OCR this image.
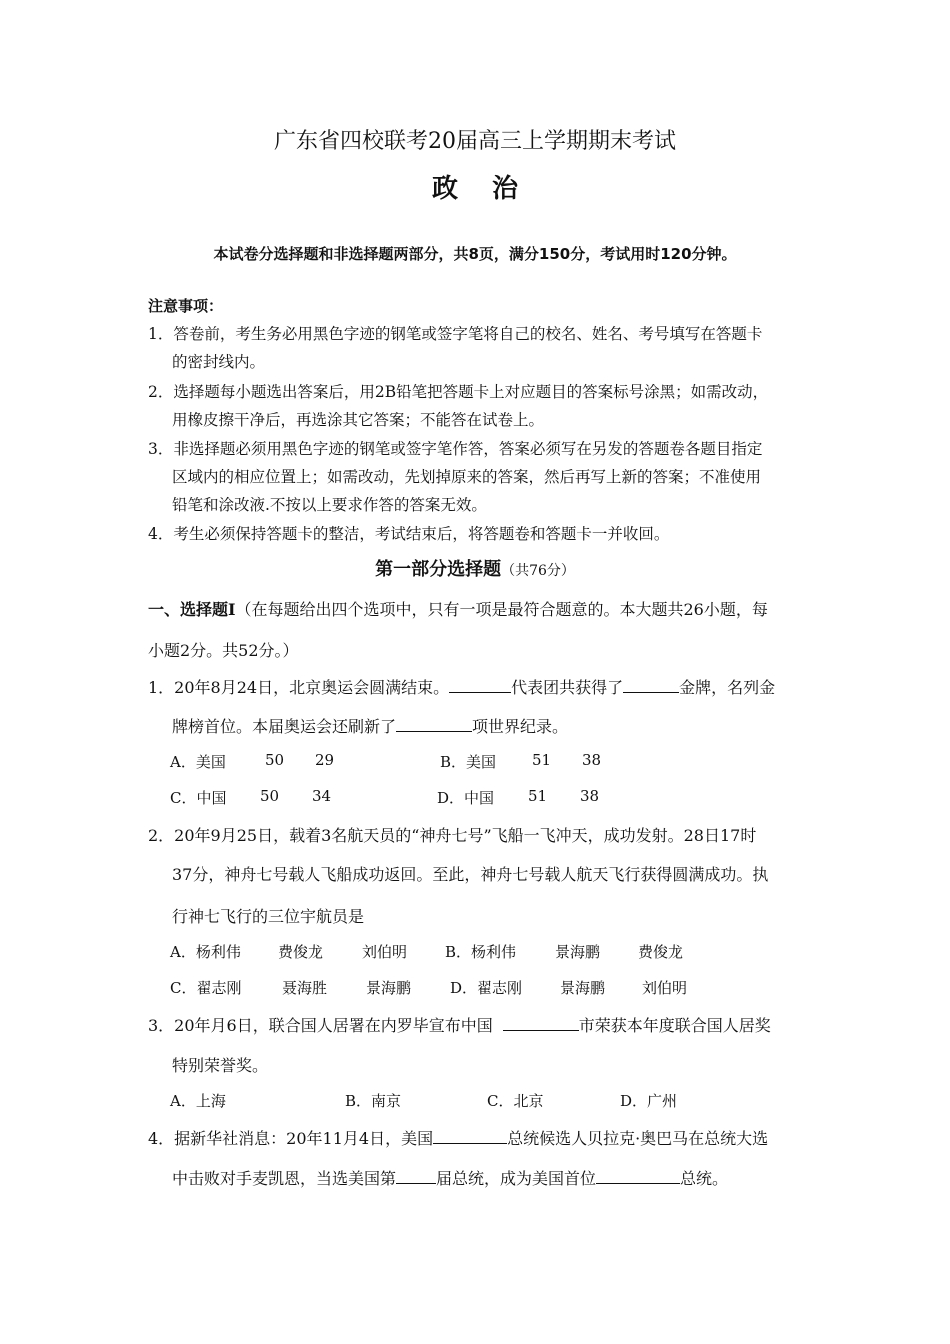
广东省四校联考20届高三上学期期末考试
政治
本试卷分选择题和非选择题两部分，共8页，满分150分，考试用时120分钟。
注意事项：
1．答卷前，考生务必用黑色字迹的钢笔或签字笔将自己的校名、姓名、考号填写在答题卡
的密封线内。
2．选择题每小题选出答案后，用2B铅笔把答题卡上对应题目的答案标号涂黑；如需改动，
用橡皮擦干净后，再选涂其它答案；不能答在试卷上。
3．非选择题必须用黑色字迹的钢笔或签字笔作答，答案必须写在另发的答题卷各题目指定
区域内的相应位置上；如需改动，先划掉原来的答案，然后再写上新的答案；不准使用
铅笔和涂改液.不按以上要求作答的答案无效。
4．考生必须保持答题卡的整洁，考试结束后，将答题卷和答题卡一并收回。
第一部分选择题（共76分）
一、选择题Ⅰ（在每题给出四个选项中，只有一项是最符合题意的。本大题共26小题，每
小题2分。共52分。）
1．20年8月24日，北京奥运会圆满结束。	代表团共获得了	金牌，名列金
牌榜首位。本届奥运会还刷新了	项世界纪录。
A．美国	50 29	B．美国 51 38
C．中国 50 34	D．中国 51 38
2．20年9月25日，载着3名航天员的“神舟七号”飞船一飞冲天，成功发射。28日17时
37分，神舟七号载人飞船成功返回。至此，神舟七号载人航天飞行获得圆满成功。执
行神七飞行的三位宇航员是
A．杨利伟 费俊龙	刘伯明	B．杨利伟	景海鹏	费俊龙
C．翟志刚	聂海胜	景海鹏	D．翟志刚	景海鹏 刘伯明
3．20年月6日，联合国人居署在内罗毕宣布中国	市荣获本年度联合国人居奖
特别荣誉奖。
A．上海	B．南京	C．北京	D．广州
4．据新华社消息：20年11月4日，美国	总统候选人贝拉克·奥巴马在总统大选
中击败对手麦凯恩，当选美国第	届总统，成为美国首位	总统。
